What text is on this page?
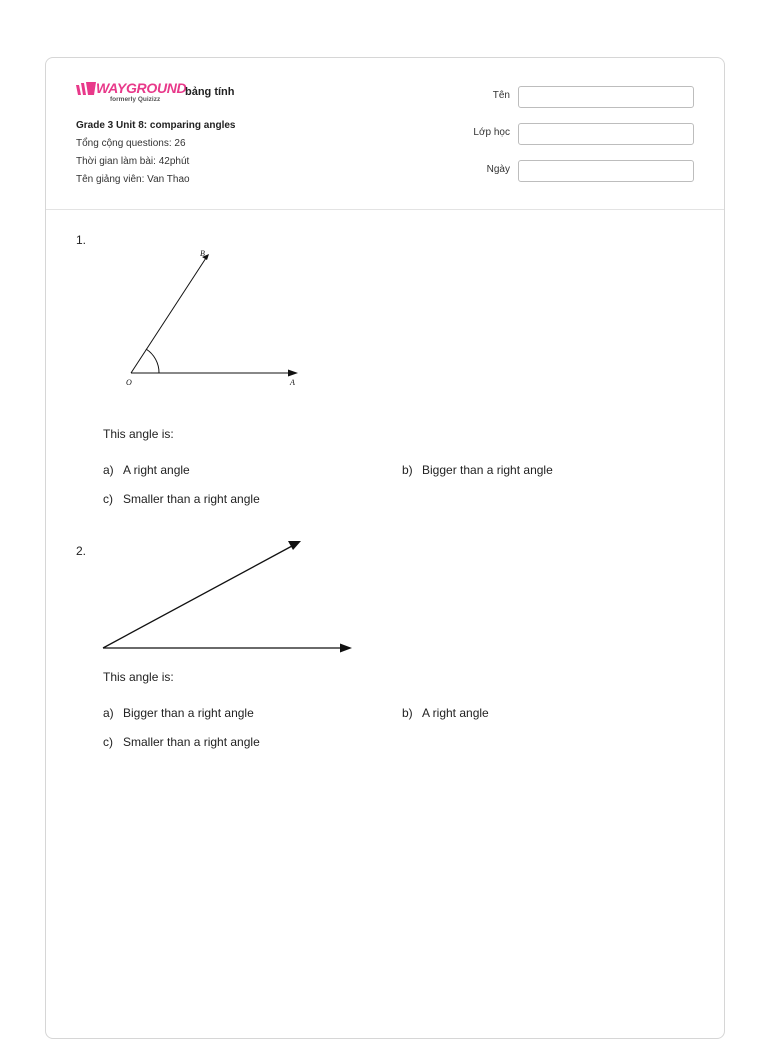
WAYGROUND
formerly Quizizz
bảng tính
Grade 3 Unit 8: comparing angles
Tổng cộng questions: 26
Thời gian làm bài: 42phút
Tên giảng viên: Van Thao
Tên
Lớp học
Ngày
1.
B
O	A
This angle is:
a) A right angle	b) Bigger than a right angle
c) Smaller than a right angle
2.
This angle is:
a) Bigger than a right angle	b) A right angle
c) Smaller than a right angle
